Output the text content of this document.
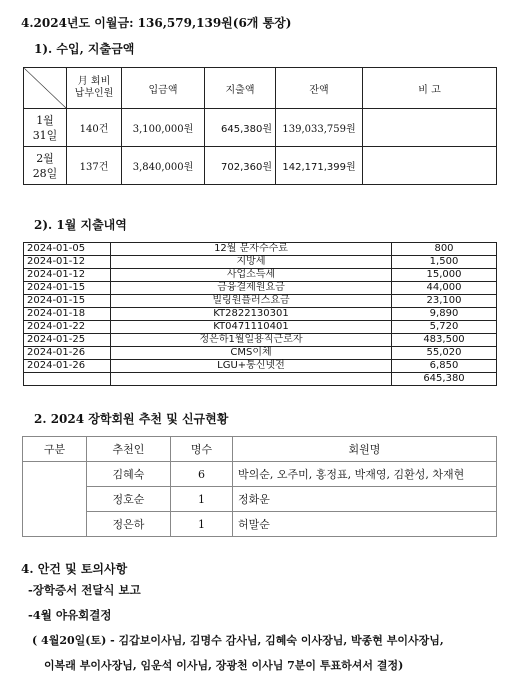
4.2024년도 이월금: 136,579,139원(6개 통장)
1). 수입, 지출금액
	月 회비
납부인원	입금액	지출액	잔액	비 고
1월
31일	140건	3,100,000원	645,380원	139,033,759원	
2월
28일	137건	3,840,000원	702,360원	142,171,399원	
2). 1월 지출내역
2024-01-05	12월 문자수수료	800
2024-01-12	지방세	1,500
2024-01-12	사업소득세	15,000
2024-01-15	금융결제원요금	44,000
2024-01-15	빌링원플러스요금	23,100
2024-01-18	KT2822130301	9,890
2024-01-22	KT0471110401	5,720
2024-01-25	정은하1월일용직근로자	483,500
2024-01-26	CMS이체	55,020
2024-01-26	LGU+통신넷전	6,850
		645,380
2. 2024 장학회원 추천 및 신규현황
구분	추천인	명수	회원명
	김혜숙	6	박의순, 오주미, 홍정표, 박재영, 김환성, 차재현
	정호순	1	정화운
	정은하	1	허말순
4. 안건 및 토의사항
-장학증서 전달식 보고
-4월 야유회결정
( 4월20일(토) - 김갑보이사님, 김명수 감사님, 김혜숙 이사장님, 박종현 부이사장님,
이복래 부이사장님, 임운석 이사님, 장광천 이사님 7분이 투표하셔서 결정)
